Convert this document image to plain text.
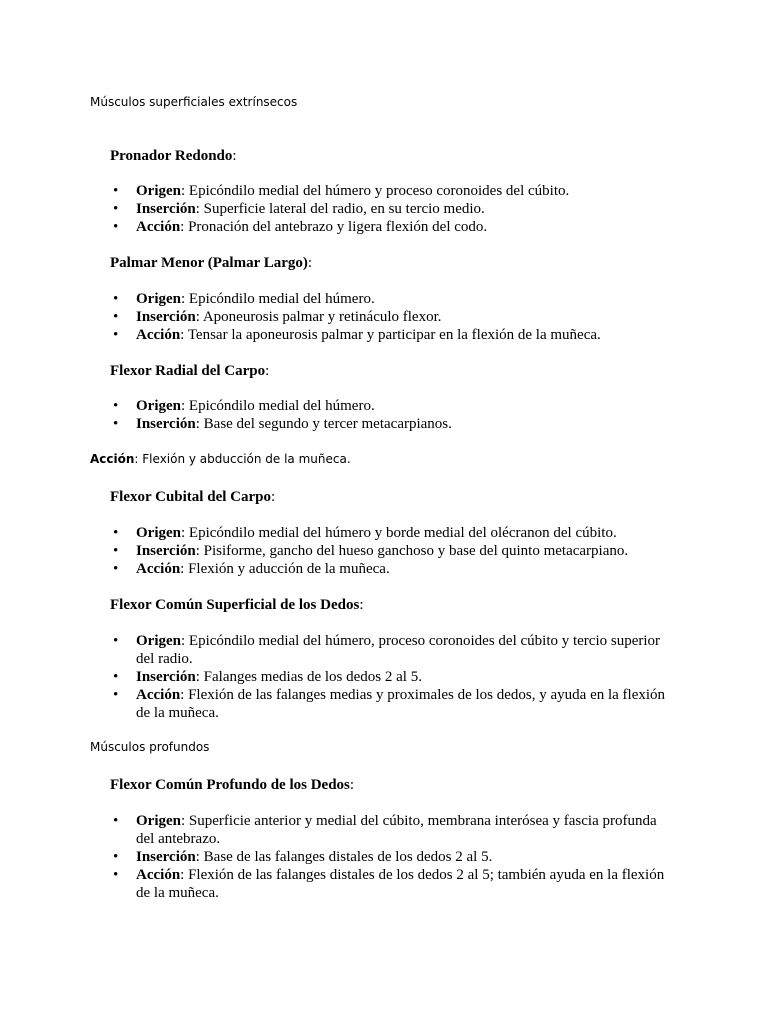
Músculos superficiales extrínsecos

Pronador Redondo:

• Origen: Epicóndilo medial del húmero y proceso coronoides del cúbito.
• Inserción: Superficie lateral del radio, en su tercio medio.
• Acción: Pronación del antebrazo y ligera flexión del codo.

Palmar Menor (Palmar Largo):

• Origen: Epicóndilo medial del húmero.
• Inserción: Aponeurosis palmar y retináculo flexor.
• Acción: Tensar la aponeurosis palmar y participar en la flexión de la muñeca.

Flexor Radial del Carpo:

• Origen: Epicóndilo medial del húmero.
• Inserción: Base del segundo y tercer metacarpianos.

Acción: Flexión y abducción de la muñeca.

Flexor Cubital del Carpo:

• Origen: Epicóndilo medial del húmero y borde medial del olécranon del cúbito.
• Inserción: Pisiforme, gancho del hueso ganchoso y base del quinto metacarpiano.
• Acción: Flexión y aducción de la muñeca.

Flexor Común Superficial de los Dedos:

• Origen: Epicóndilo medial del húmero, proceso coronoides del cúbito y tercio superior del radio.
• Inserción: Falanges medias de los dedos 2 al 5.
• Acción: Flexión de las falanges medias y proximales de los dedos, y ayuda en la flexión de la muñeca.

Músculos profundos

Flexor Común Profundo de los Dedos:

• Origen: Superficie anterior y medial del cúbito, membrana interósea y fascia profunda del antebrazo.
• Inserción: Base de las falanges distales de los dedos 2 al 5.
• Acción: Flexión de las falanges distales de los dedos 2 al 5; también ayuda en la flexión de la muñeca.
